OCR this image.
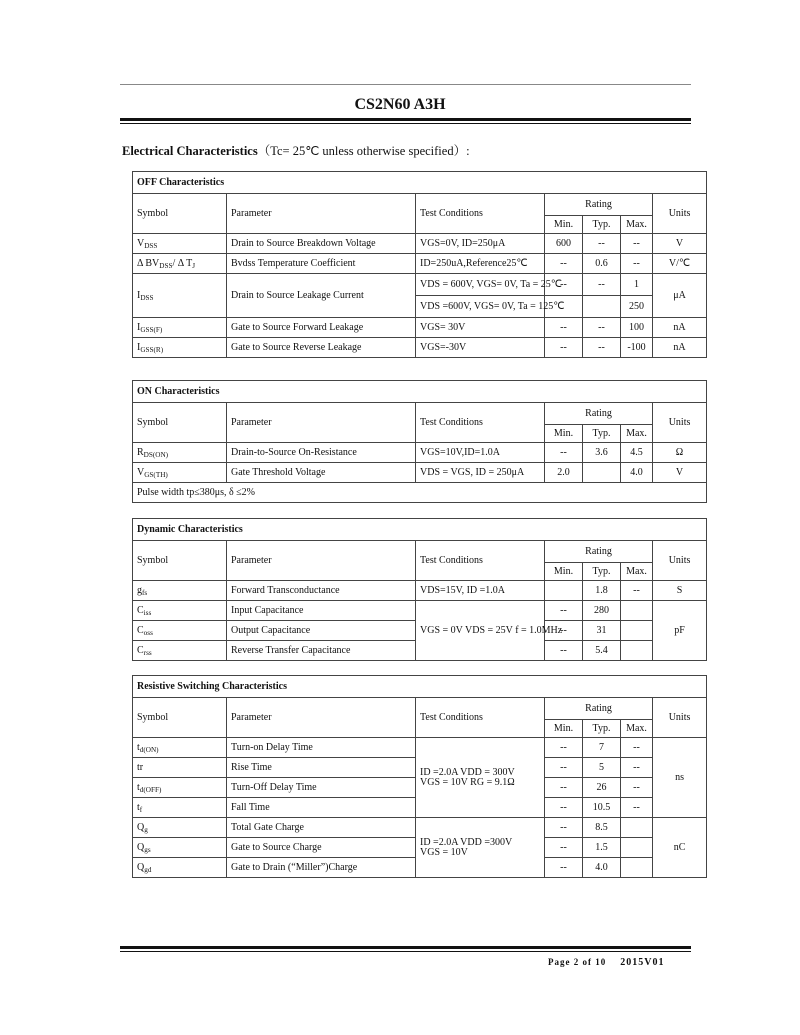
CS2N60 A3H
Electrical Characteristics（Tc= 25℃ unless otherwise specified）:
OFF Characteristics						
Symbol	Parameter	Test Conditions	Rating			Units
			Min.	Typ.	Max.	
$V_{DSS}$	Drain to Source Breakdown Voltage	VGS=0V, ID=250μA	600	--	--	V
Δ $BV_{DSS}/$ Δ $T_J$	Bvdss Temperature Coefficient	ID=250uA,Reference25℃	--	0.6	--	V/℃
$I_{DSS}$	Drain to Source Leakage Current	VDS = 600V, VGS= 0V, Ta = 25℃	--	--	1	μA
		VDS =600V, VGS= 0V, Ta = 125℃			250	
$I_{GSS(F)}$	Gate to Source Forward Leakage	VGS= 30V	--	--	100	nA
$I_{GSS(R)}$	Gate to Source Reverse Leakage	VGS=-30V	--	--	-100	nA
ON Characteristics						
Symbol	Parameter	Test Conditions	Rating			Units
			Min.	Typ.	Max.	
$R_{DS(ON)}$	Drain-to-Source On-Resistance	VGS=10V,ID=1.0A	--	3.6	4.5	Ω
$V_{GS(TH)}$	Gate Threshold Voltage	VDS = VGS, ID = 250μA	2.0		4.0	V
Pulse width tp≤380μs, δ ≤2%						
Dynamic Characteristics						
Symbol	Parameter	Test Conditions	Rating			Units
			Min.	Typ.	Max.	
$g_{fs}$	Forward Transconductance	VDS=15V, ID =1.0A		1.8	--	S
$C_{iss}$	Input Capacitance	VGS = 0V VDS = 25V f = 1.0MHz	--	280		pF
$C_{oss}$	Output Capacitance		--	31		
$C_{rss}$	Reverse Transfer Capacitance		--	5.4		
Resistive Switching Characteristics						
Symbol	Parameter	Test Conditions	Rating			Units
			Min.	Typ.	Max.	
$t_{d(ON)}$	Turn-on Delay Time	ID =2.0A VDD = 300V
VGS = 10V RG = 9.1Ω	--	7	--	ns
tr	Rise Time		--	5	--	
$t_{d(OFF)}$	Turn-Off Delay Time		--	26	--	
$t_f$	Fall Time		--	10.5	--	
$Q_g$	Total Gate Charge	ID =2.0A VDD =300V
VGS = 10V	--	8.5		nC
$Q_{gs}$	Gate to Source Charge		--	1.5		
$Q_{gd}$	Gate to Drain (“Miller”)Charge		--	4.0		
Page 2 of 10 2015V01
